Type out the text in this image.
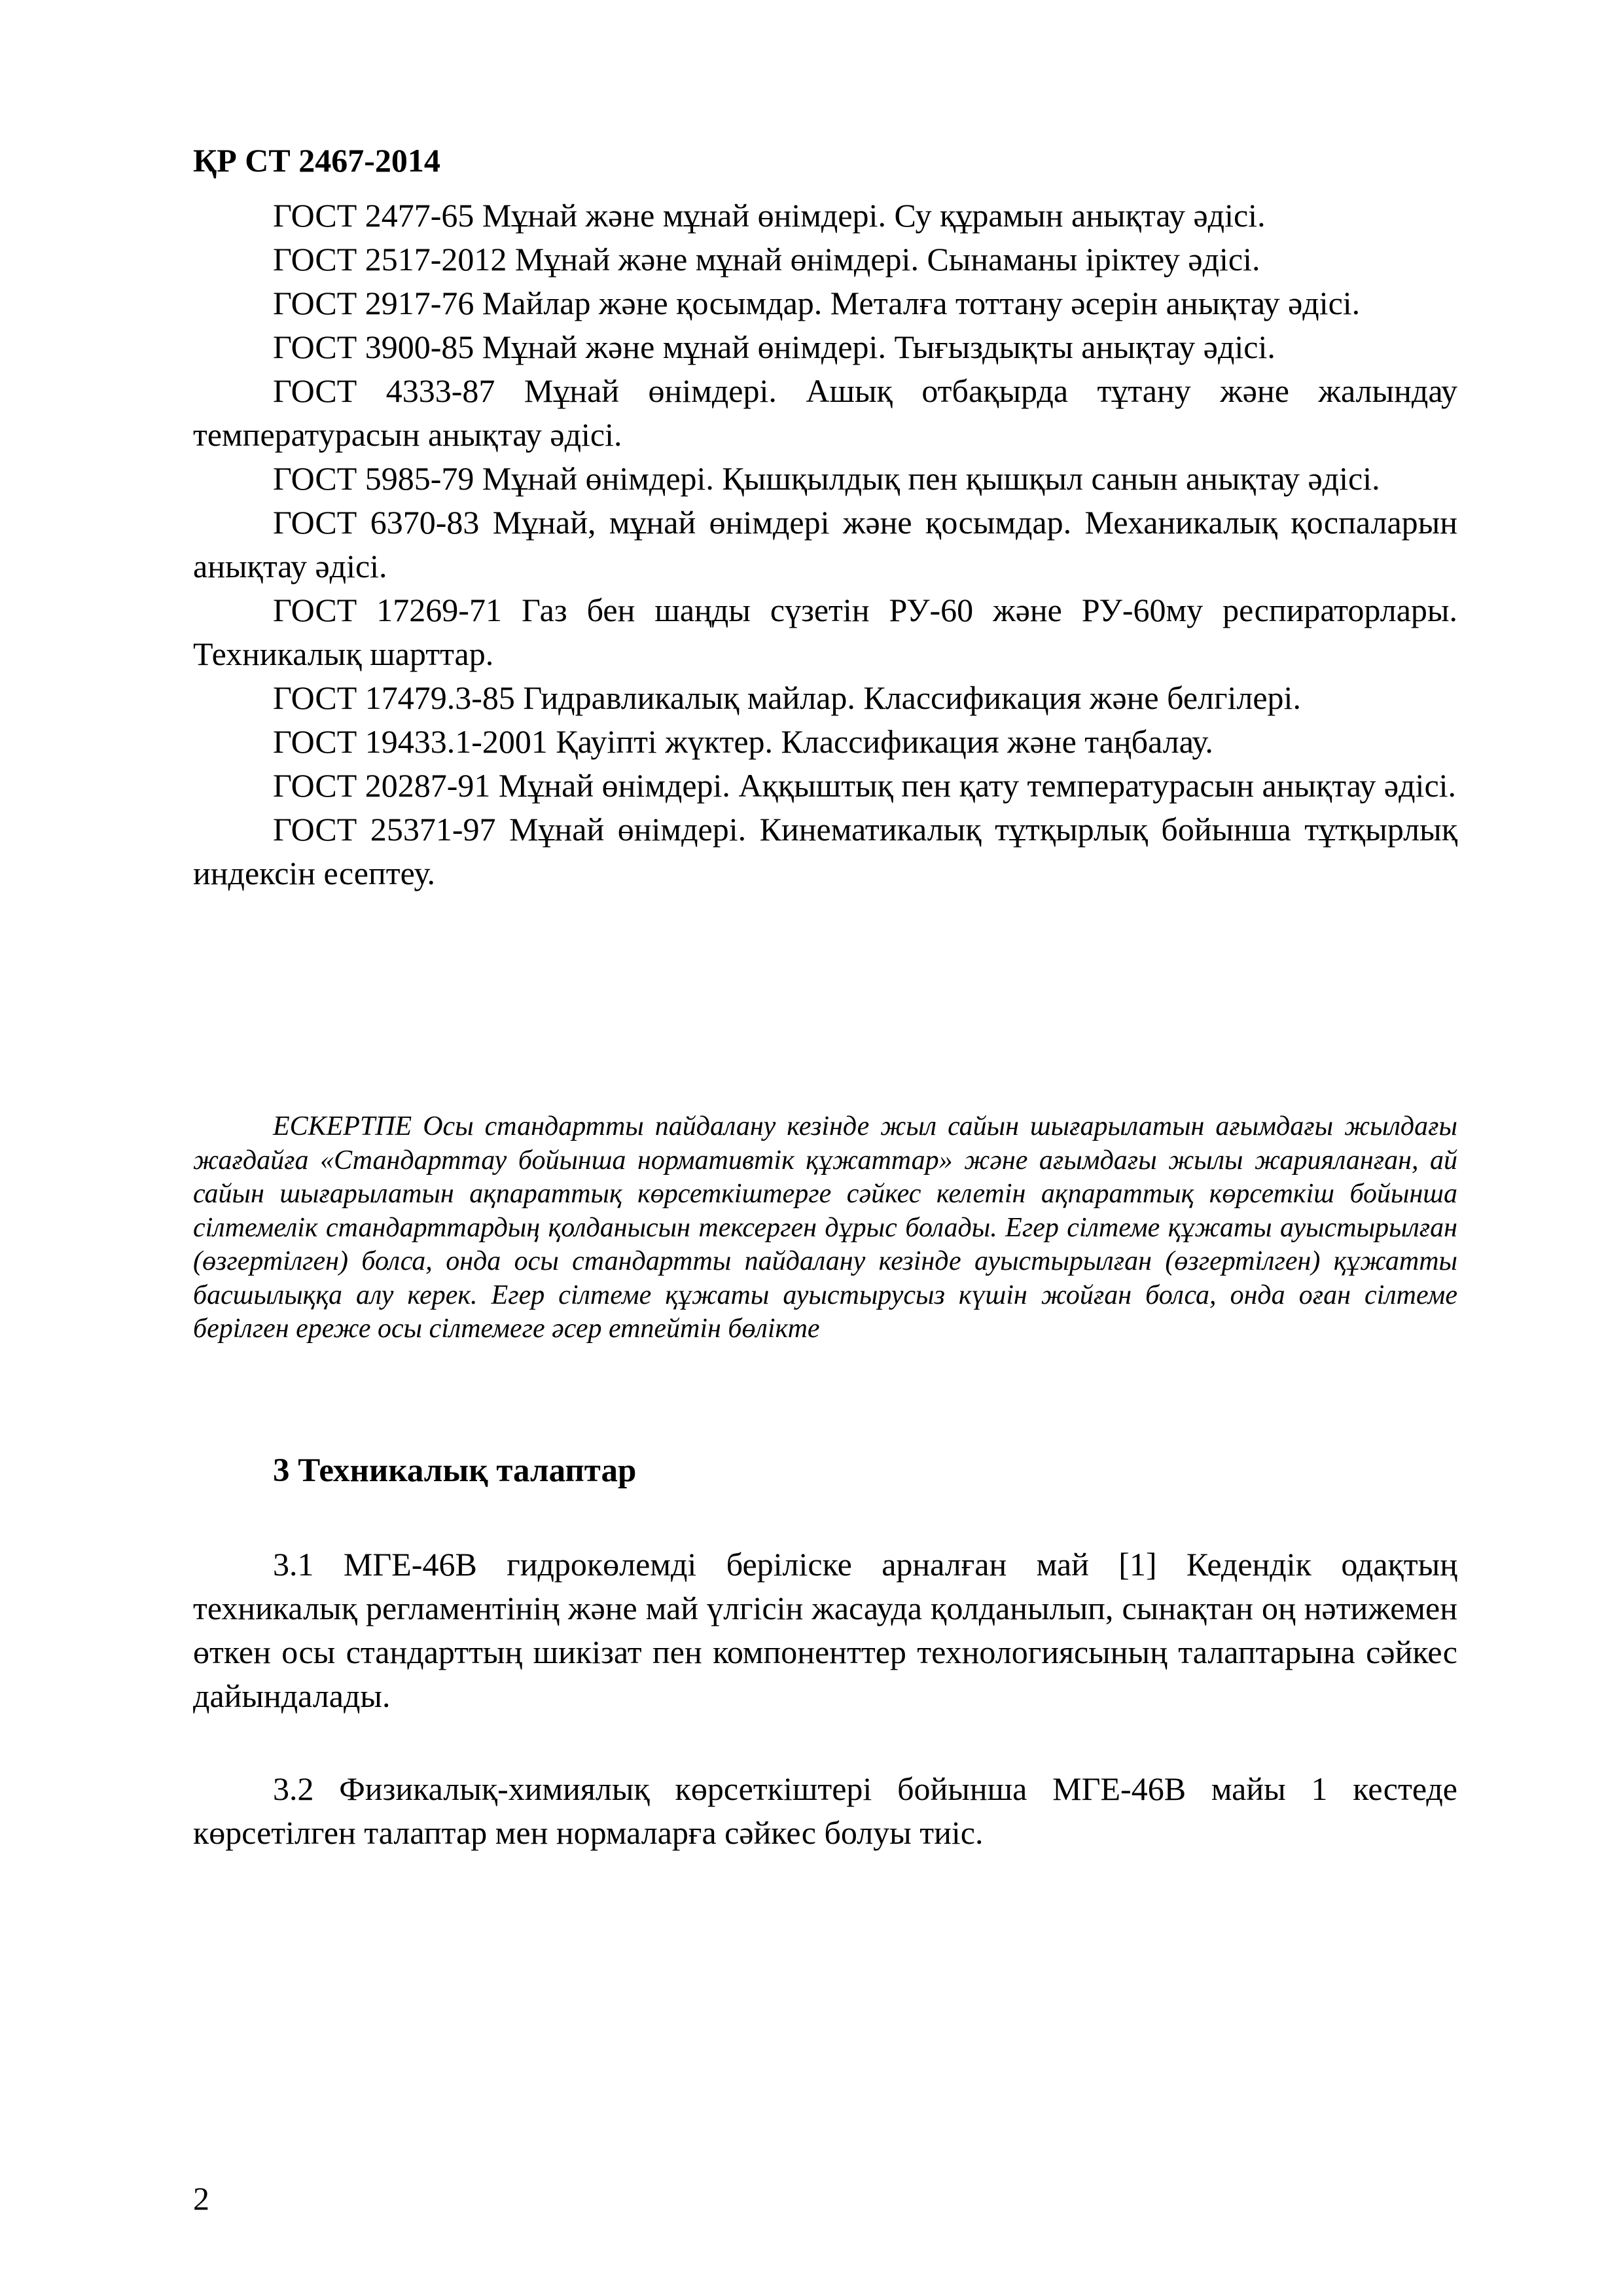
ҚР СТ 2467-2014

ГОСТ 2477-65 Мұнай және мұнай өнімдері. Су құрамын анықтау әдісі.

ГОСТ 2517-2012 Мұнай және мұнай өнімдері. Сынаманы іріктеу әдісі.

ГОСТ 2917-76 Майлар және қосымдар. Металға тоттану әсерін анықтау әдісі.

ГОСТ 3900-85 Мұнай және мұнай өнімдері. Тығыздықты анықтау әдісі.

ГОСТ 4333-87 Мұнай өнімдері. Ашық отбақырда тұтану және жалындау температурасын анықтау әдісі.

ГОСТ 5985-79 Мұнай өнімдері. Қышқылдық пен қышқыл санын анықтау әдісі.

ГОСТ 6370-83 Мұнай, мұнай өнімдері және қосымдар. Механикалық қоспаларын анықтау әдісі.

ГОСТ 17269-71 Газ бен шаңды сүзетін РУ-60 және РУ-60му респираторлары. Техникалық шарттар.

ГОСТ 17479.3-85 Гидравликалық майлар. Классификация және белгілері.

ГОСТ 19433.1-2001 Қауіпті жүктер. Классификация және таңбалау.

ГОСТ 20287-91 Мұнай өнімдері. Аққыштық пен қату температурасын анықтау әдісі.

ГОСТ 25371-97 Мұнай өнімдері. Кинематикалық тұтқырлық бойынша тұтқырлық индексін есептеу.

ЕСКЕРТПЕ Осы стандартты пайдалану кезінде жыл сайын шығарылатын ағымдағы жылдағы жағдайға «Стандарттау бойынша нормативтік құжаттар» және ағымдағы жылы жарияланған, ай сайын шығарылатын ақпараттық көрсеткіштерге сәйкес келетін ақпараттық көрсеткіш бойынша сілтемелік стандарттардың қолданысын тексерген дұрыс болады. Егер сілтеме құжаты ауыстырылған (өзгертілген) болса, онда осы стандартты пайдалану кезінде ауыстырылған (өзгертілген) құжатты басшылыққа алу керек. Егер сілтеме құжаты ауыстырусыз күшін жойған болса, онда оған сілтеме берілген ереже осы сілтемеге әсер етпейтін бөлікте

3 Техникалық талаптар

3.1 МГЕ-46В гидрокөлемді беріліске арналған май [1] Кедендік одақтың техникалық регламентінің және май үлгісін жасауда қолданылып, сынақтан оң нәтижемен өткен осы стандарттың шикізат пен компоненттер технологиясының талаптарына сәйкес дайындалады.

3.2 Физикалық-химиялық көрсеткіштері бойынша МГЕ-46В майы 1 кестеде көрсетілген талаптар мен нормаларға сәйкес болуы тиіс.

2
